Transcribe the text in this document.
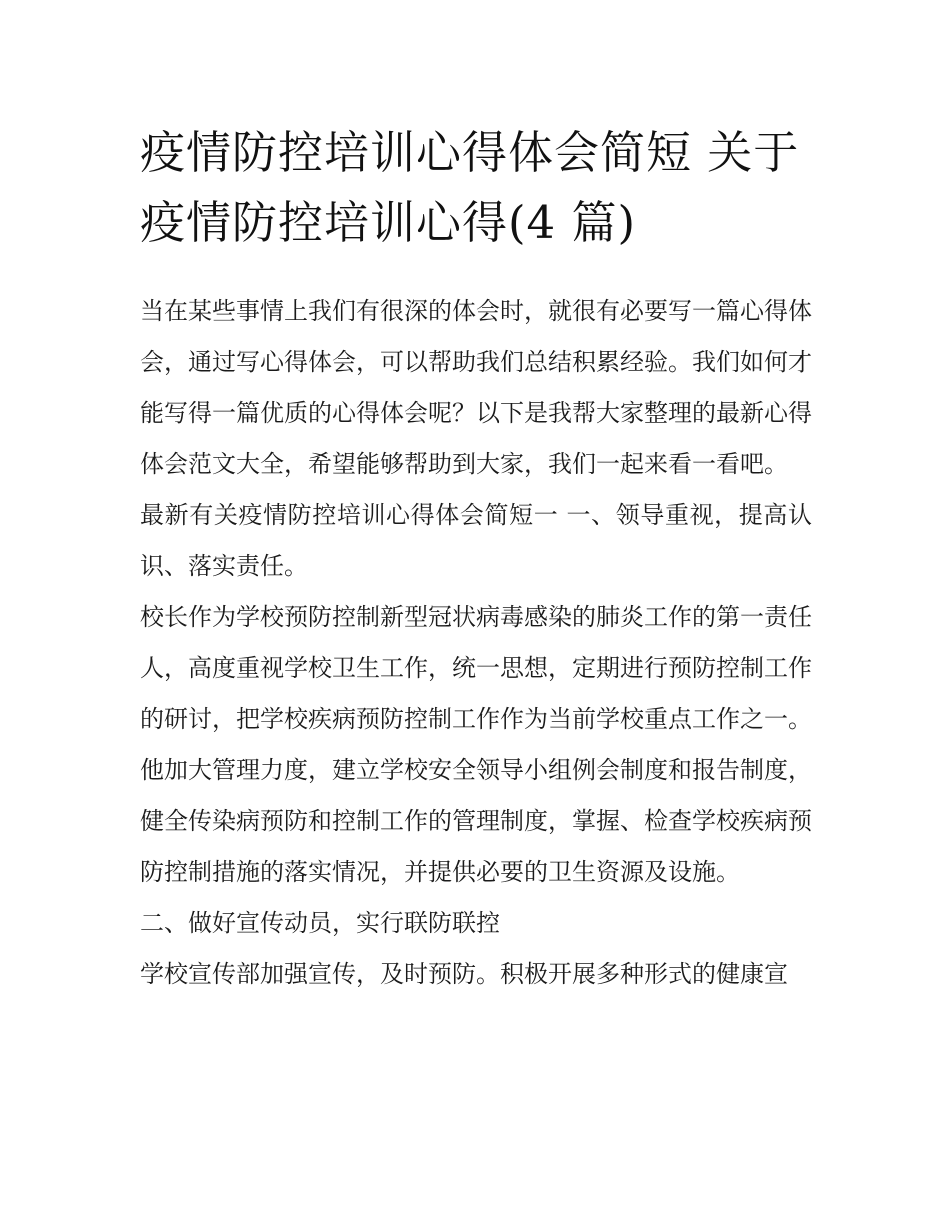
疫情防控培训心得体会简短 关于疫情防控培训心得(4 篇)

当在某些事情上我们有很深的体会时，就很有必要写一篇心得体会，通过写心得体会，可以帮助我们总结积累经验。我们如何才能写得一篇优质的心得体会呢？以下是我帮大家整理的最新心得体会范文大全，希望能够帮助到大家，我们一起来看一看吧。

最新有关疫情防控培训心得体会简短一 一、领导重视，提高认识、落实责任。

校长作为学校预防控制新型冠状病毒感染的肺炎工作的第一责任人，高度重视学校卫生工作，统一思想，定期进行预防控制工作的研讨，把学校疾病预防控制工作作为当前学校重点工作之一。他加大管理力度，建立学校安全领导小组例会制度和报告制度，健全传染病预防和控制工作的管理制度，掌握、检查学校疾病预防控制措施的落实情况，并提供必要的卫生资源及设施。

二、做好宣传动员，实行联防联控

学校宣传部加强宣传，及时预防。积极开展多种形式的健康宣
